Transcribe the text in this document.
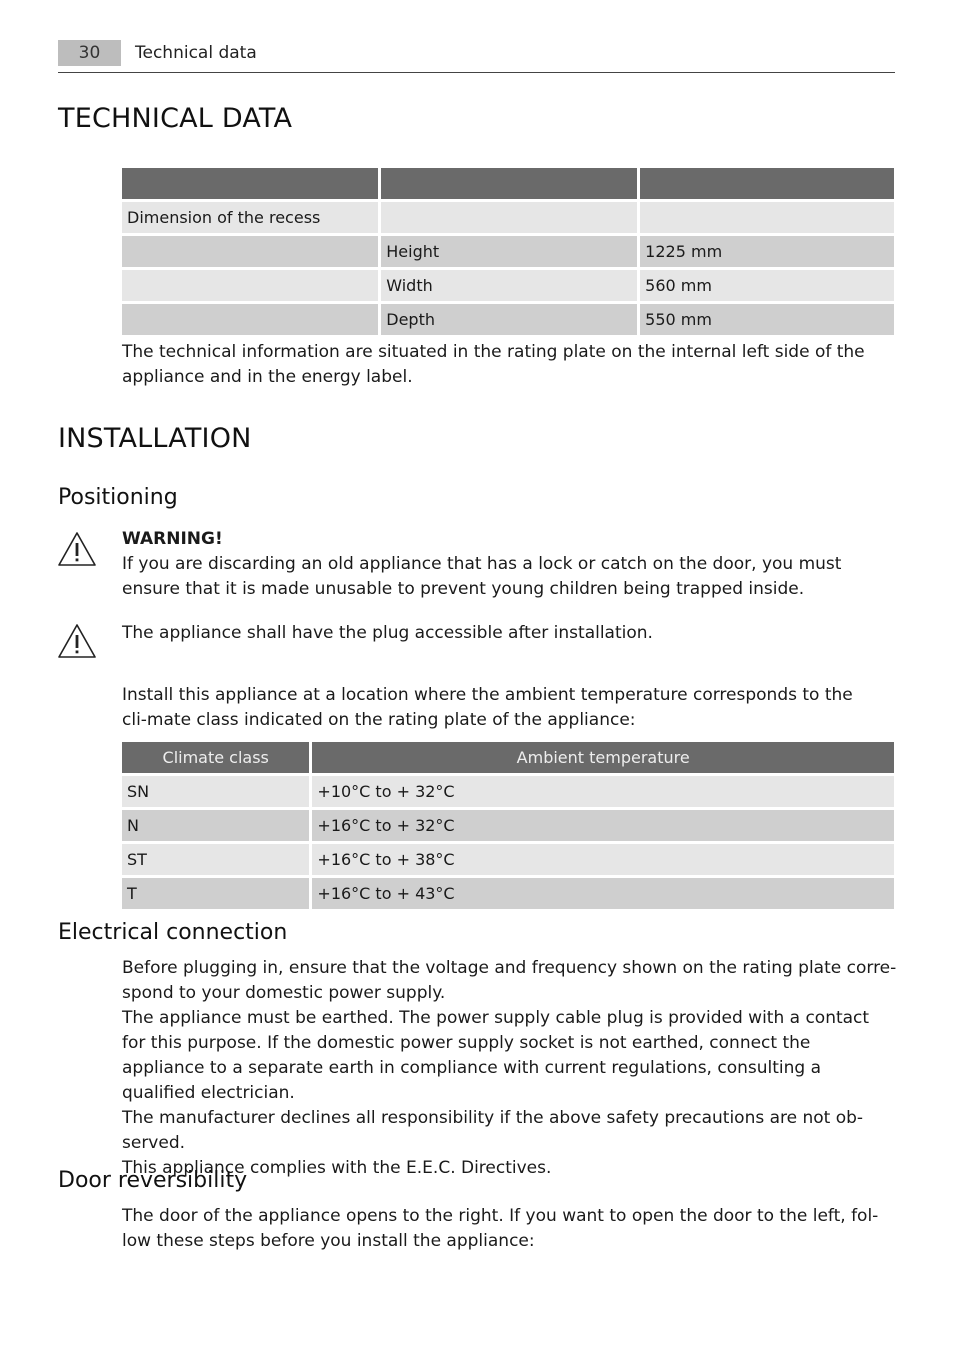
30	Technical data
TECHNICAL DATA

Dimension of the recess		
	Height	1225 mm
	Width	560 mm
	Depth	550 mm

The technical information are situated in the rating plate on the internal left side of the appliance and in the energy label.

INSTALLATION
Positioning

WARNING!

If you are discarding an old appliance that has a lock or catch on the door, you must ensure that it is made unusable to prevent young children being trapped inside.

The appliance shall have the plug accessible after installation.

Install this appliance at a location where the ambient temperature corresponds to the cli-mate class indicated on the rating plate of the appliance:

Climate class	Ambient temperature
SN	+10°C to + 32°C
N	+16°C to + 32°C
ST	+16°C to + 38°C
T	+16°C to + 43°C
Electrical connection

Before plugging in, ensure that the voltage and frequency shown on the rating plate corre-spond to your domestic power supply.

The appliance must be earthed. The power supply cable plug is provided with a contact for this purpose. If the domestic power supply socket is not earthed, connect the appliance to a separate earth in compliance with current regulations, consulting a qualified electrician.

The manufacturer declines all responsibility if the above safety precautions are not ob-served.

This appliance complies with the E.E.C. Directives.

Door reversibility

The door of the appliance opens to the right. If you want to open the door to the left, fol-low these steps before you install the appliance:
